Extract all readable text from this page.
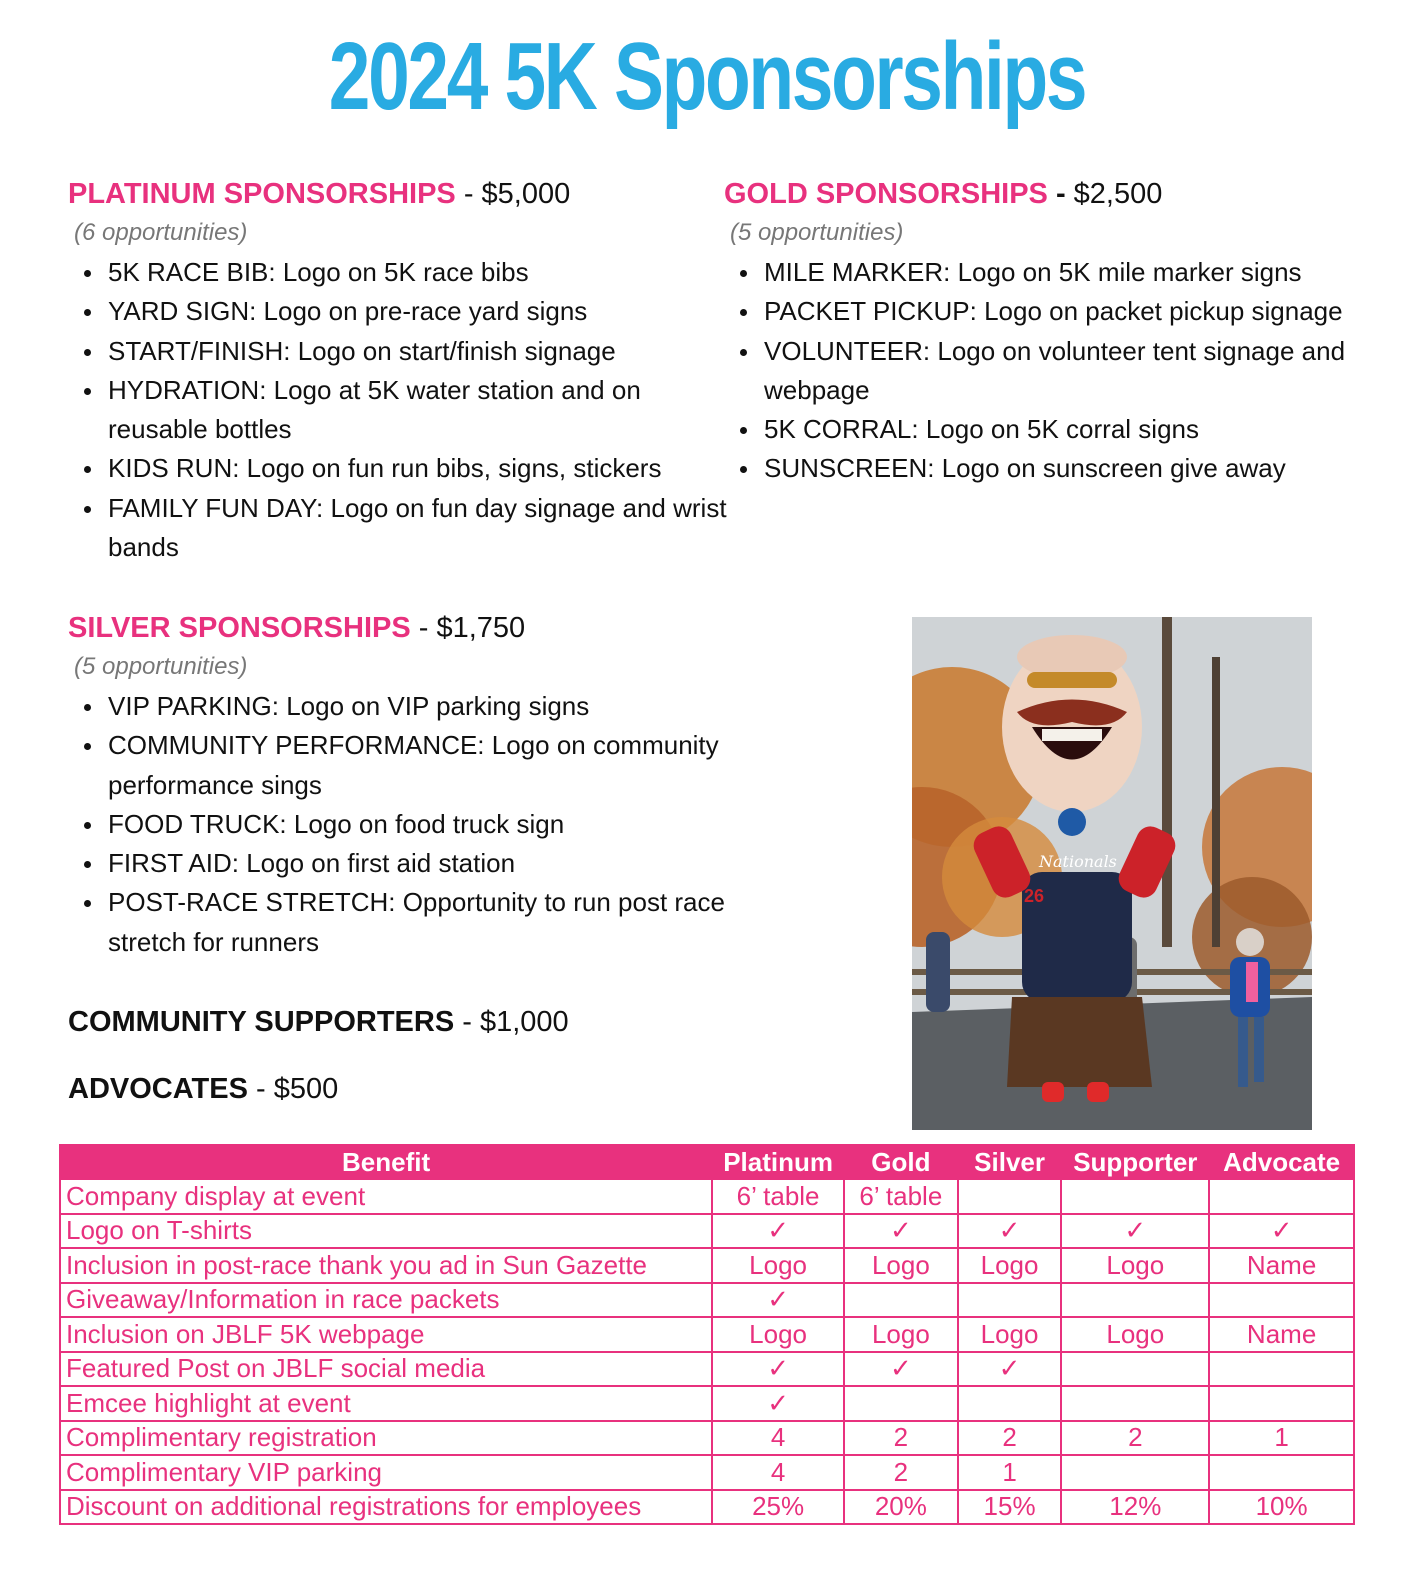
2024 5K Sponsorships
PLATINUM SPONSORSHIPS - $5,000
(6 opportunities)
5K RACE BIB: Logo on 5K race bibs
YARD SIGN: Logo on pre-race yard signs
START/FINISH: Logo on start/finish signage
HYDRATION: Logo at 5K water station and on reusable bottles
KIDS RUN: Logo on fun run bibs, signs, stickers
FAMILY FUN DAY: Logo on fun day signage and wrist bands
GOLD SPONSORSHIPS - $2,500
(5 opportunities)
MILE MARKER: Logo on 5K mile marker signs
PACKET PICKUP: Logo on packet pickup signage
VOLUNTEER: Logo on volunteer tent signage and webpage
5K CORRAL: Logo on 5K corral signs
SUNSCREEN: Logo on sunscreen give away
SILVER SPONSORSHIPS - $1,750
(5 opportunities)
VIP PARKING: Logo on VIP parking signs
COMMUNITY PERFORMANCE: Logo on community performance sings
FOOD TRUCK: Logo on food truck sign
FIRST AID: Logo on first aid station
POST-RACE STRETCH: Opportunity to run post race stretch for runners
COMMUNITY SUPPORTERS - $1,000
ADVOCATES - $500
Nationals
26
Benefit	Platinum	Gold	Silver	Supporter	Advocate
Company display at event	6’ table	6’ table			
Logo on T-shirts	✓	✓	✓	✓	✓
Inclusion in post-race thank you ad in Sun Gazette	Logo	Logo	Logo	Logo	Name
Giveaway/Information in race packets	✓				
Inclusion on JBLF 5K webpage	Logo	Logo	Logo	Logo	Name
Featured Post on JBLF social media	✓	✓	✓		
Emcee highlight at event	✓				
Complimentary registration	4	2	2	2	1
Complimentary VIP parking	4	2	1		
Discount on additional registrations for employees	25%	20%	15%	12%	10%
